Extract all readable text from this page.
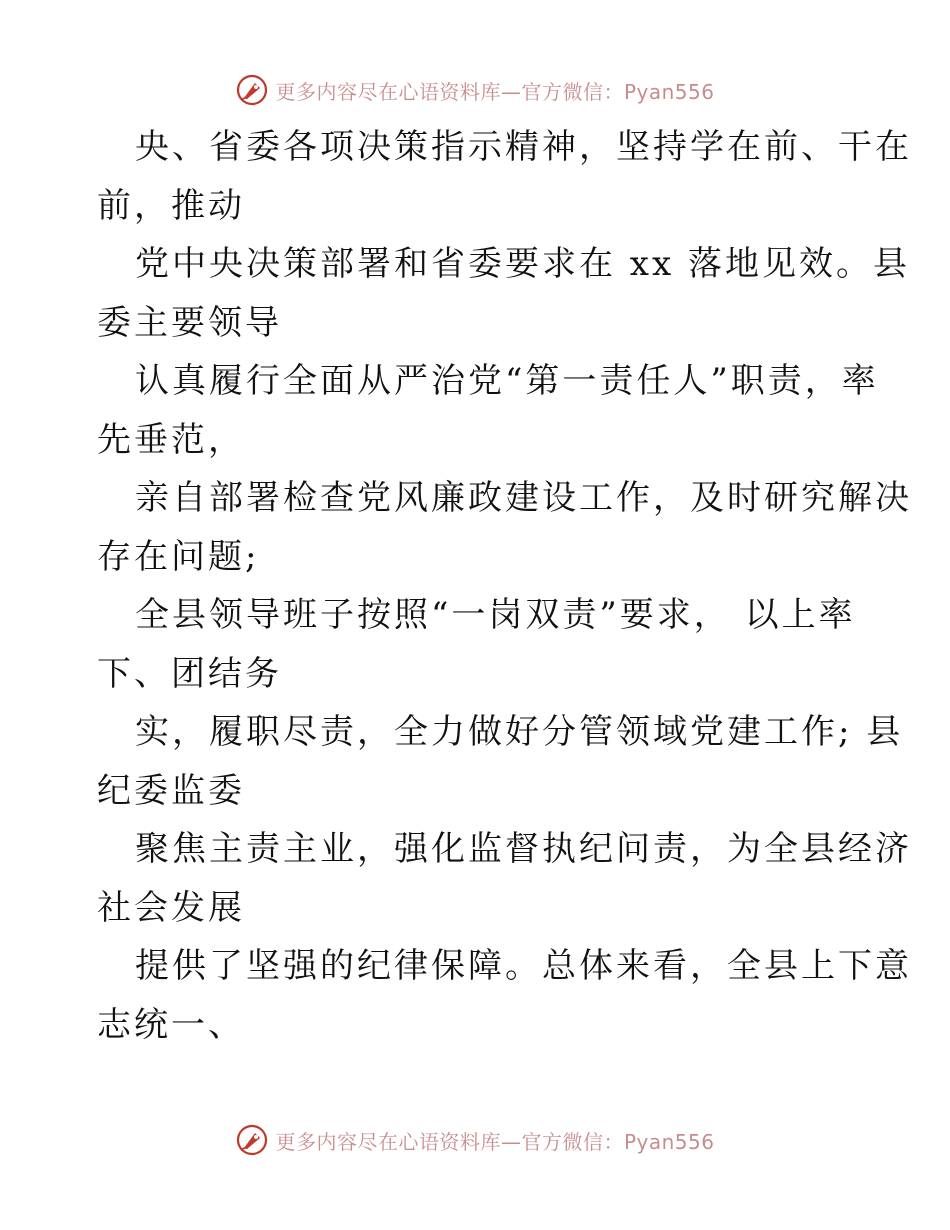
更多内容尽在心语资料库—官方微信：Pyan556
央、省委各项决策指示精神，坚持学在前、干在
前，推动
党中央决策部署和省委要求在 xx 落地见效。县
委主要领导
认真履行全面从严治党“第一责任人”职责，率
先垂范，
亲自部署检查党风廉政建设工作，及时研究解决
存在问题;
全县领导班子按照“一岗双责”要求， 以上率
下、团结务
实，履职尽责，全力做好分管领域党建工作; 县
纪委监委
聚焦主责主业，强化监督执纪问责，为全县经济
社会发展
提供了坚强的纪律保障。总体来看，全县上下意
志统一、
更多内容尽在心语资料库—官方微信：Pyan556
